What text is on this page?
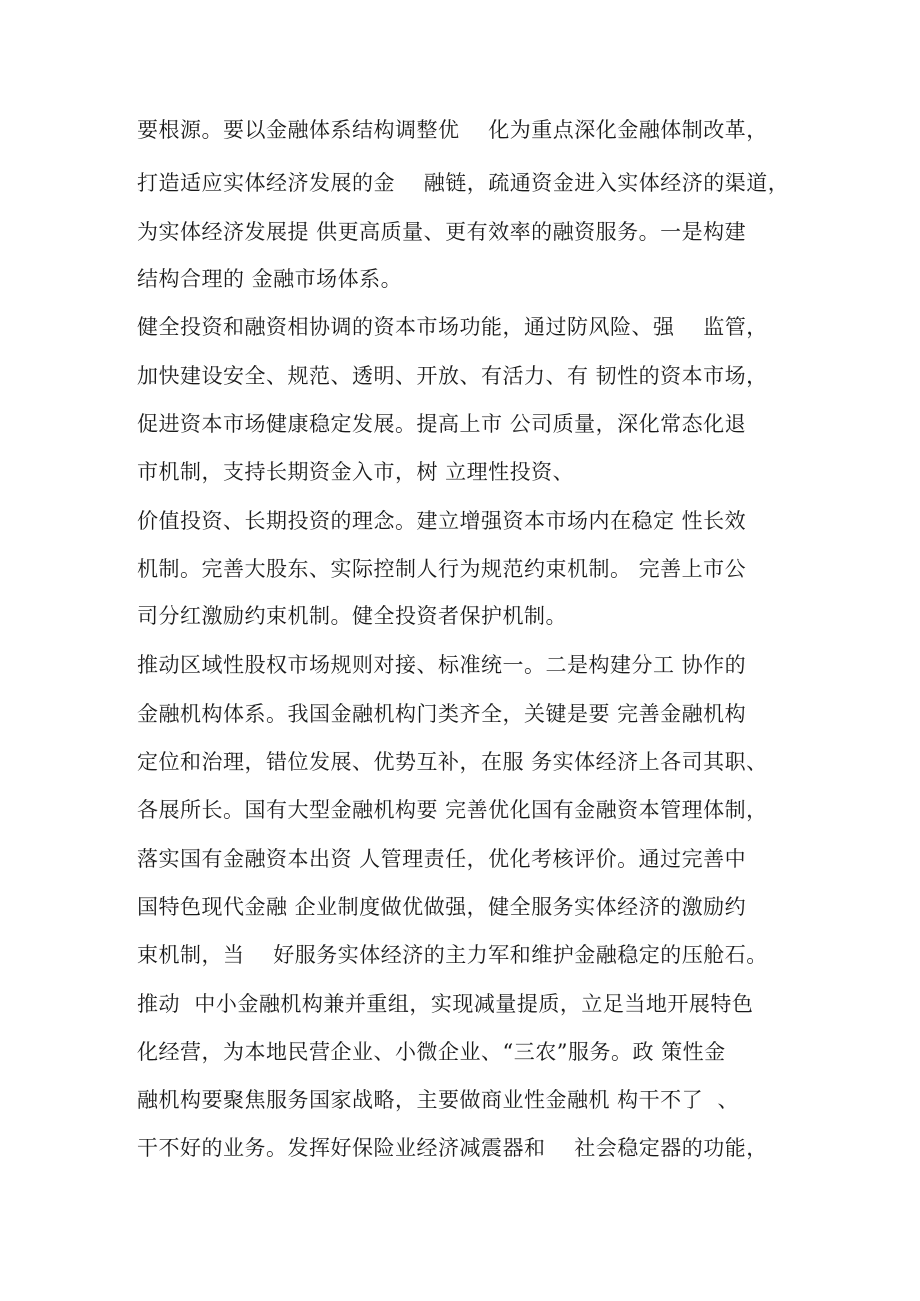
要根源。要以金融体系结构调整优    化为重点深化金融体制改革，

打造适应实体经济发展的金    融链，疏通资金进入实体经济的渠道，

为实体经济发展提 供更高质量、更有效率的融资服务。一是构建

结构合理的 金融市场体系。

健全投资和融资相协调的资本市场功能，通过防风险、强    监管，

加快建设安全、规范、透明、开放、有活力、有 韧性的资本市场，

促进资本市场健康稳定发展。提高上市 公司质量，深化常态化退

市机制，支持长期资金入市，树 立理性投资、

价值投资、长期投资的理念。建立增强资本市场内在稳定 性长效

机制。完善大股东、实际控制人行为规范约束机制。 完善上市公

司分红激励约束机制。健全投资者保护机制。

推动区域性股权市场规则对接、标准统一。二是构建分工 协作的

金融机构体系。我国金融机构门类齐全，关键是要 完善金融机构

定位和治理，错位发展、优势互补，在服 务实体经济上各司其职、

各展所长。国有大型金融机构要 完善优化国有金融资本管理体制，

落实国有金融资本出资 人管理责任，优化考核评价。通过完善中

国特色现代金融 企业制度做优做强，健全服务实体经济的激励约

束机制，当    好服务实体经济的主力军和维护金融稳定的压舱石。

推动  中小金融机构兼并重组，实现减量提质，立足当地开展特色

化经营，为本地民营企业、小微企业、“三农”服务。政 策性金

融机构要聚焦服务国家战略，主要做商业性金融机 构干不了  、

干不好的业务。发挥好保险业经济减震器和    社会稳定器的功能，
